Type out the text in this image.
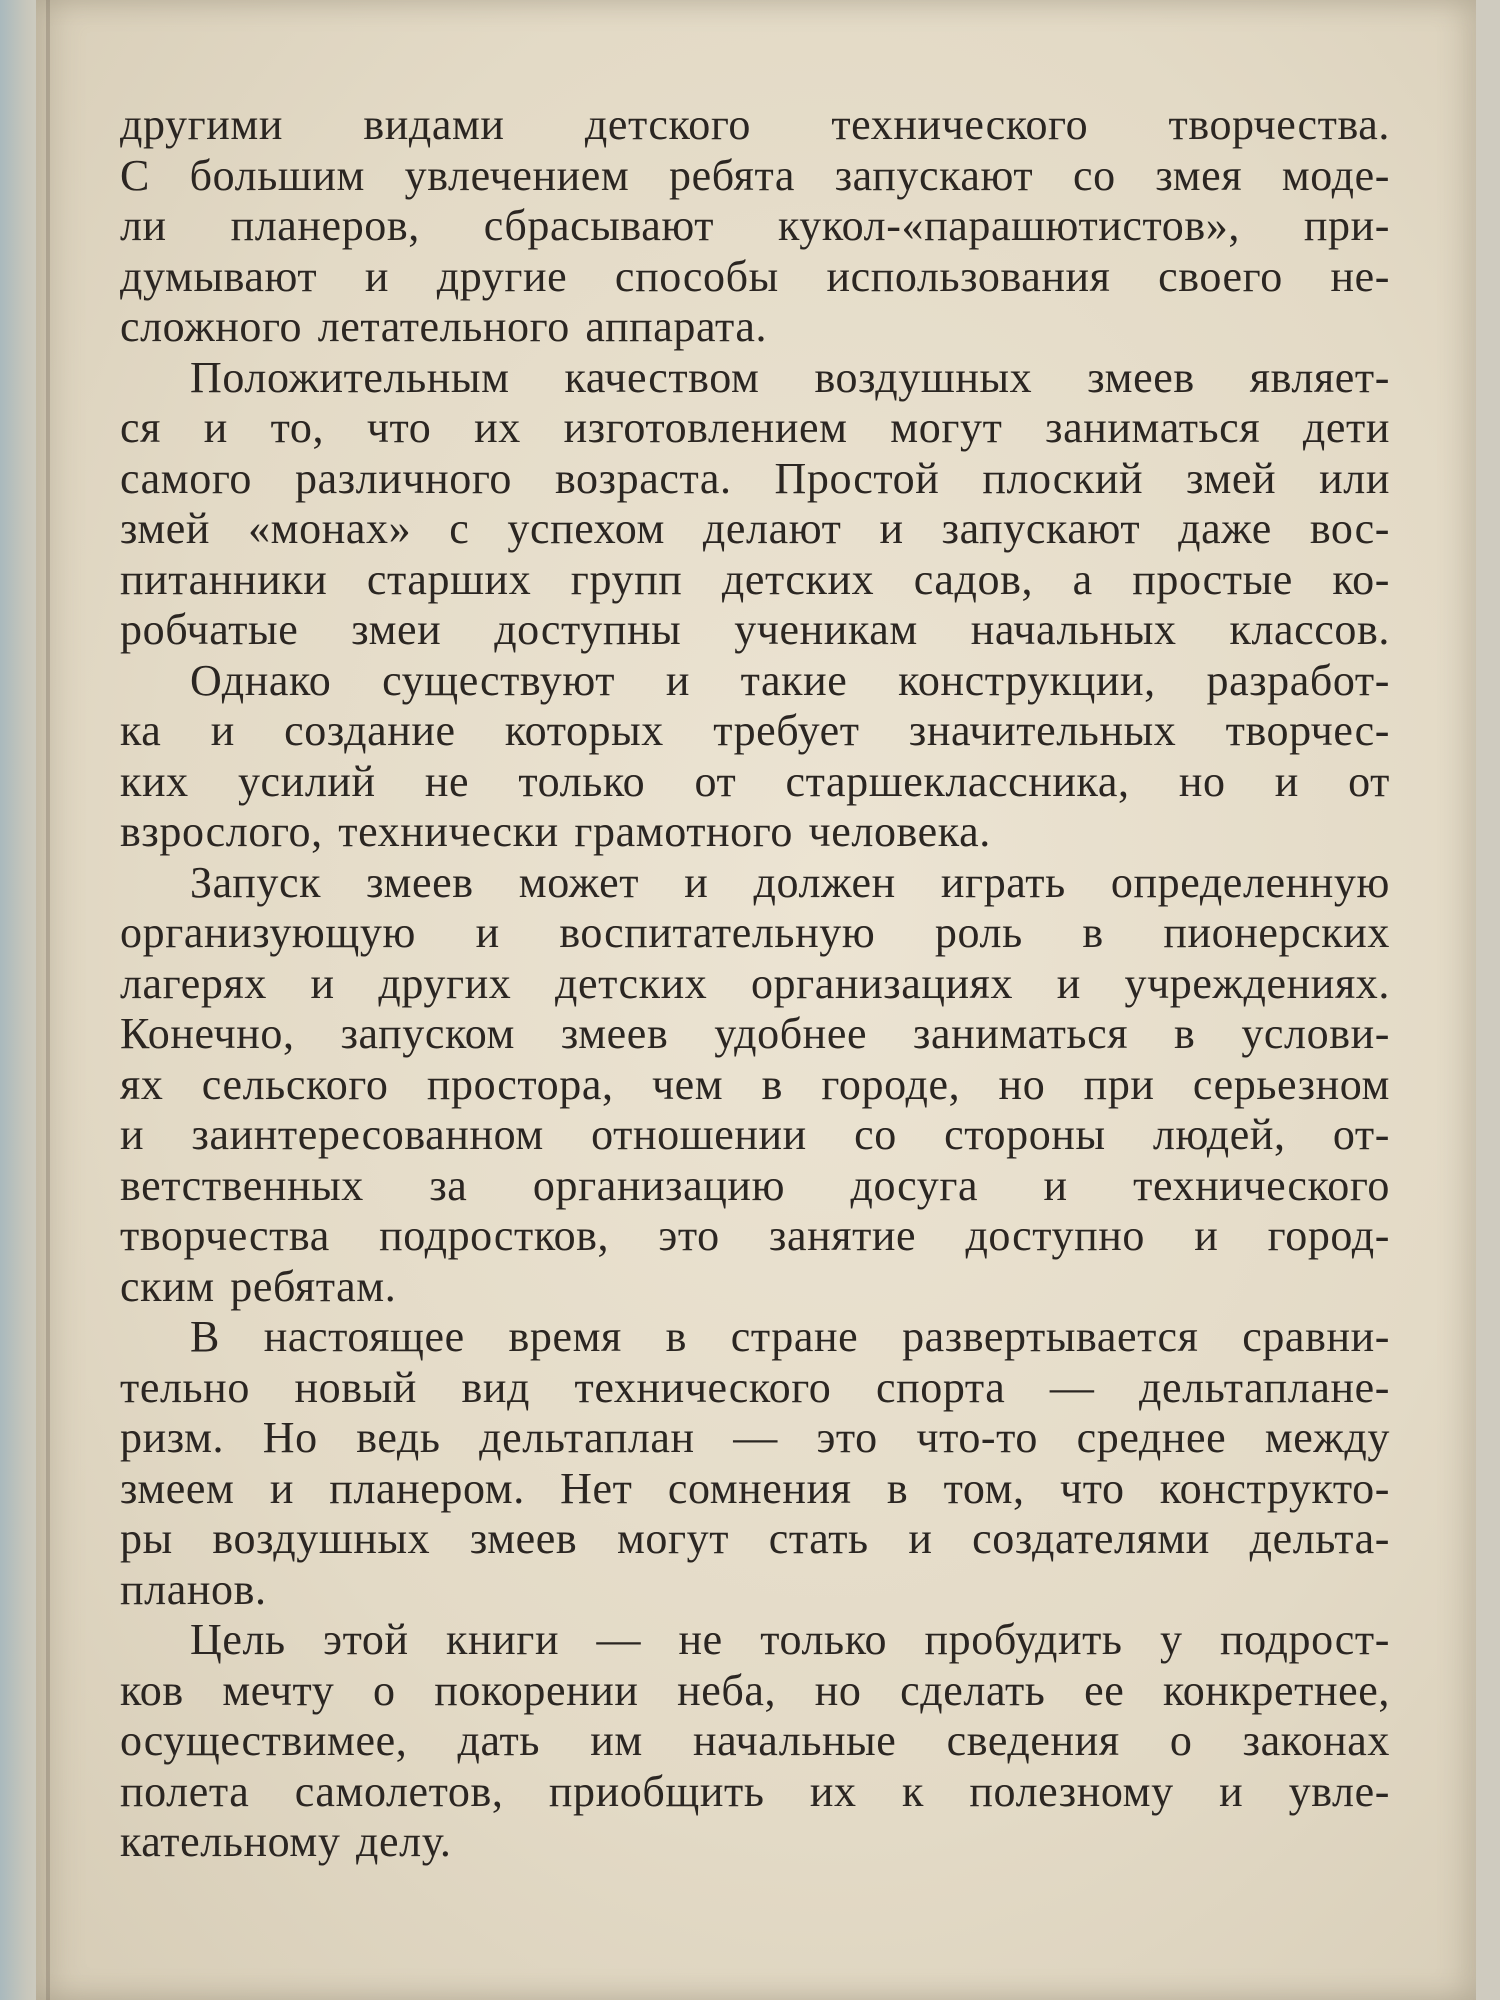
другими видами детского технического творчества.
С большим увлечением ребята запускают со змея моде-
ли планеров, сбрасывают кукол-«парашютистов», при-
думывают и другие способы использования своего не-
сложного летательного аппарата.

Положительным качеством воздушных змеев являет-
ся и то, что их изготовлением могут заниматься дети
самого различного возраста. Простой плоский змей или
змей «монах» с успехом делают и запускают даже вос-
питанники старших групп детских садов, а простые ко-
робчатые змеи доступны ученикам начальных классов.

Однако существуют и такие конструкции, разработ-
ка и создание которых требует значительных творчес-
ких усилий не только от старшеклассника, но и от
взрослого, технически грамотного человека.

Запуск змеев может и должен играть определенную
организующую и воспитательную роль в пионерских
лагерях и других детских организациях и учреждениях.
Конечно, запуском змеев удобнее заниматься в услови-
ях сельского простора, чем в городе, но при серьезном
и заинтересованном отношении со стороны людей, от-
ветственных за организацию досуга и технического
творчества подростков, это занятие доступно и город-
ским ребятам.

В настоящее время в стране развертывается сравни-
тельно новый вид технического спорта — дельтаплане-
ризм. Но ведь дельтаплан — это что-то среднее между
змеем и планером. Нет сомнения в том, что конструкто-
ры воздушных змеев могут стать и создателями дельта-
планов.

Цель этой книги — не только пробудить у подрост-
ков мечту о покорении неба, но сделать ее конкретнее,
осуществимее, дать им начальные сведения о законах
полета самолетов, приобщить их к полезному и увле-
кательному делу.
